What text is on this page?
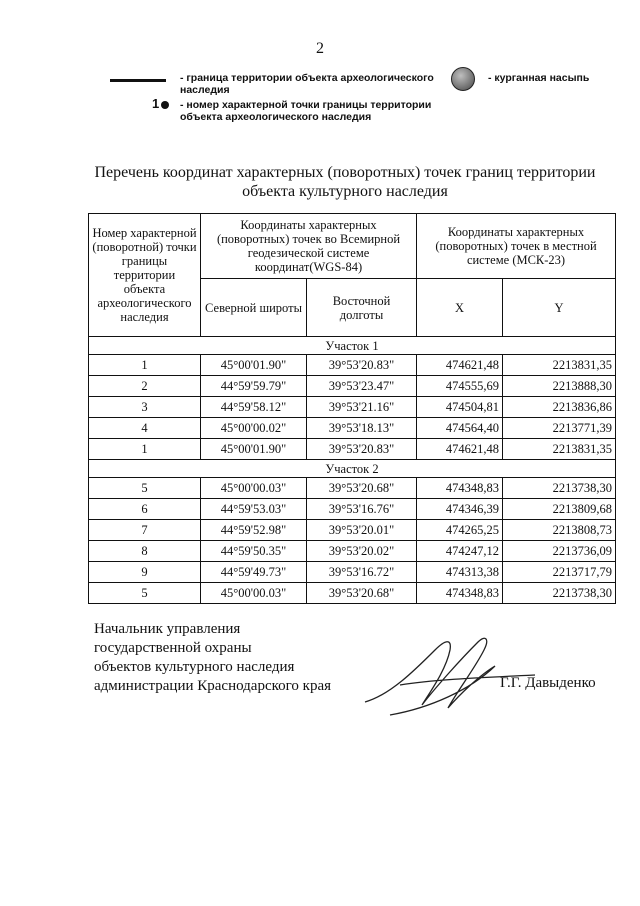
2
- граница территории объекта археологического наследия
- курганная насыпь
1 - номер характерной точки границы территории объекта археологического наследия
Перечень координат характерных (поворотных) точек границ территории объекта культурного наследия
Номер характерной (поворотной) точки границы территории объекта археологического наследия	Координаты характерных (поворотных) точек во Всемирной геодезической системе координат(WGS-84)		Координаты характерных (поворотных) точек в местной системе (МСК-23)	
	Северной широты	Восточной долготы	X	Y
Участок 1				
1	45°00'01.90"	39°53'20.83"	474621,48	2213831,35
2	44°59'59.79"	39°53'23.47"	474555,69	2213888,30
3	44°59'58.12"	39°53'21.16"	474504,81	2213836,86
4	45°00'00.02"	39°53'18.13"	474564,40	2213771,39
1	45°00'01.90"	39°53'20.83"	474621,48	2213831,35
Участок 2				
5	45°00'00.03"	39°53'20.68"	474348,83	2213738,30
6	44°59'53.03"	39°53'16.76"	474346,39	2213809,68
7	44°59'52.98"	39°53'20.01"	474265,25	2213808,73
8	44°59'50.35"	39°53'20.02"	474247,12	2213736,09
9	44°59'49.73"	39°53'16.72"	474313,38	2213717,79
5	45°00'00.03"	39°53'20.68"	474348,83	2213738,30
Начальник управления
государственной охраны
объектов культурного наследия
администрации Краснодарского края	Г.Г. Давыденко
